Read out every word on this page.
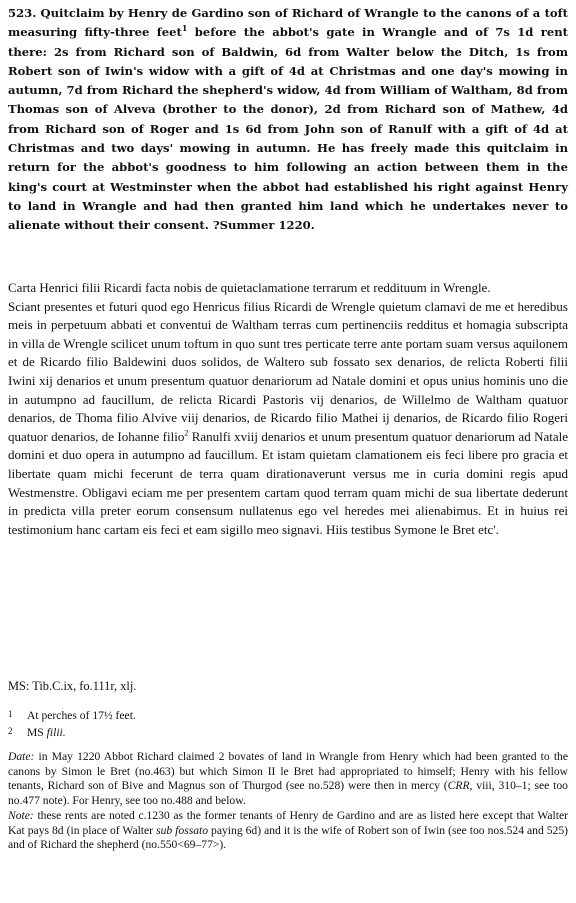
523. Quitclaim by Henry de Gardino son of Richard of Wrangle to the canons of a toft measuring fifty-three feet$^1$ before the abbot's gate in Wrangle and of 7s 1d rent there: 2s from Richard son of Baldwin, 6d from Walter below the Ditch, 1s from Robert son of Iwin's widow with a gift of 4d at Christmas and one day's mowing in autumn, 7d from Richard the shepherd's widow, 4d from William of Waltham, 8d from Thomas son of Alveva (brother to the donor), 2d from Richard son of Mathew, 4d from Richard son of Roger and 1s 6d from John son of Ranulf with a gift of 4d at Christmas and two days' mowing in autumn. He has freely made this quitclaim in return for the abbot's goodness to him following an action between them in the king's court at Westminster when the abbot had established his right against Henry to land in Wrangle and had then granted him land which he undertakes never to alienate without their consent. ?Summer 1220.

Carta Henrici filii Ricardi facta nobis de quietaclamatione terrarum et reddituum in Wrengle.

Sciant presentes et futuri quod ego Henricus filius Ricardi de Wrengle quietum clamavi de me et heredibus meis in perpetuum abbati et conventui de Waltham terras cum pertinenciis redditus et homagia subscripta in villa de Wrengle scilicet unum toftum in quo sunt tres perticate terre ante portam suam versus aquilonem et de Ricardo filio Baldewini duos solidos, de Waltero sub fossato sex denarios, de relicta Roberti filii Iwini xij denarios et unum presentum quatuor denariorum ad Natale domini et opus unius hominis uno die in autumpno ad faucillum, de relicta Ricardi Pastoris vij denarios, de Willelmo de Waltham quatuor denarios, de Thoma filio Alvive viij denarios, de Ricardo filio Mathei ij denarios, de Ricardo filio Rogeri quatuor denarios, de Iohanne filio$^2$ Ranulfi xviij denarios et unum presentum quatuor denariorum ad Natale domini et duo opera in autumpno ad faucillum. Et istam quietam clamationem eis feci libere pro gracia et libertate quam michi fecerunt de terra quam dirationaverunt versus me in curia domini regis apud Westmenstre. Obligavi eciam me per presentem cartam quod terram quam michi de sua libertate dederunt in predicta villa preter eorum consensum nullatenus ego vel heredes mei alienabimus. Et in huius rei testimonium hanc cartam eis feci et eam sigillo meo signavi. Hiis testibus Symone le Bret etc'.

MS: Tib.C.ix, fo.111r, xlj.

1 At perches of 17½ feet.
2 MS filii.

Date: in May 1220 Abbot Richard claimed 2 bovates of land in Wrangle from Henry which had been granted to the canons by Simon le Bret (no.463) but which Simon II le Bret had appropriated to himself; Henry with his fellow tenants, Richard son of Bive and Magnus son of Thurgod (see no.528) were then in mercy (CRR, viii, 310–1; see too no.477 note). For Henry, see too no.488 and below.

Note: these rents are noted c.1230 as the former tenants of Henry de Gardino and are as listed here except that Walter Kat pays 8d (in place of Walter sub fossato paying 6d) and it is the wife of Robert son of Iwin (see too nos.524 and 525) and of Richard the shepherd (no.550<69–77>).
